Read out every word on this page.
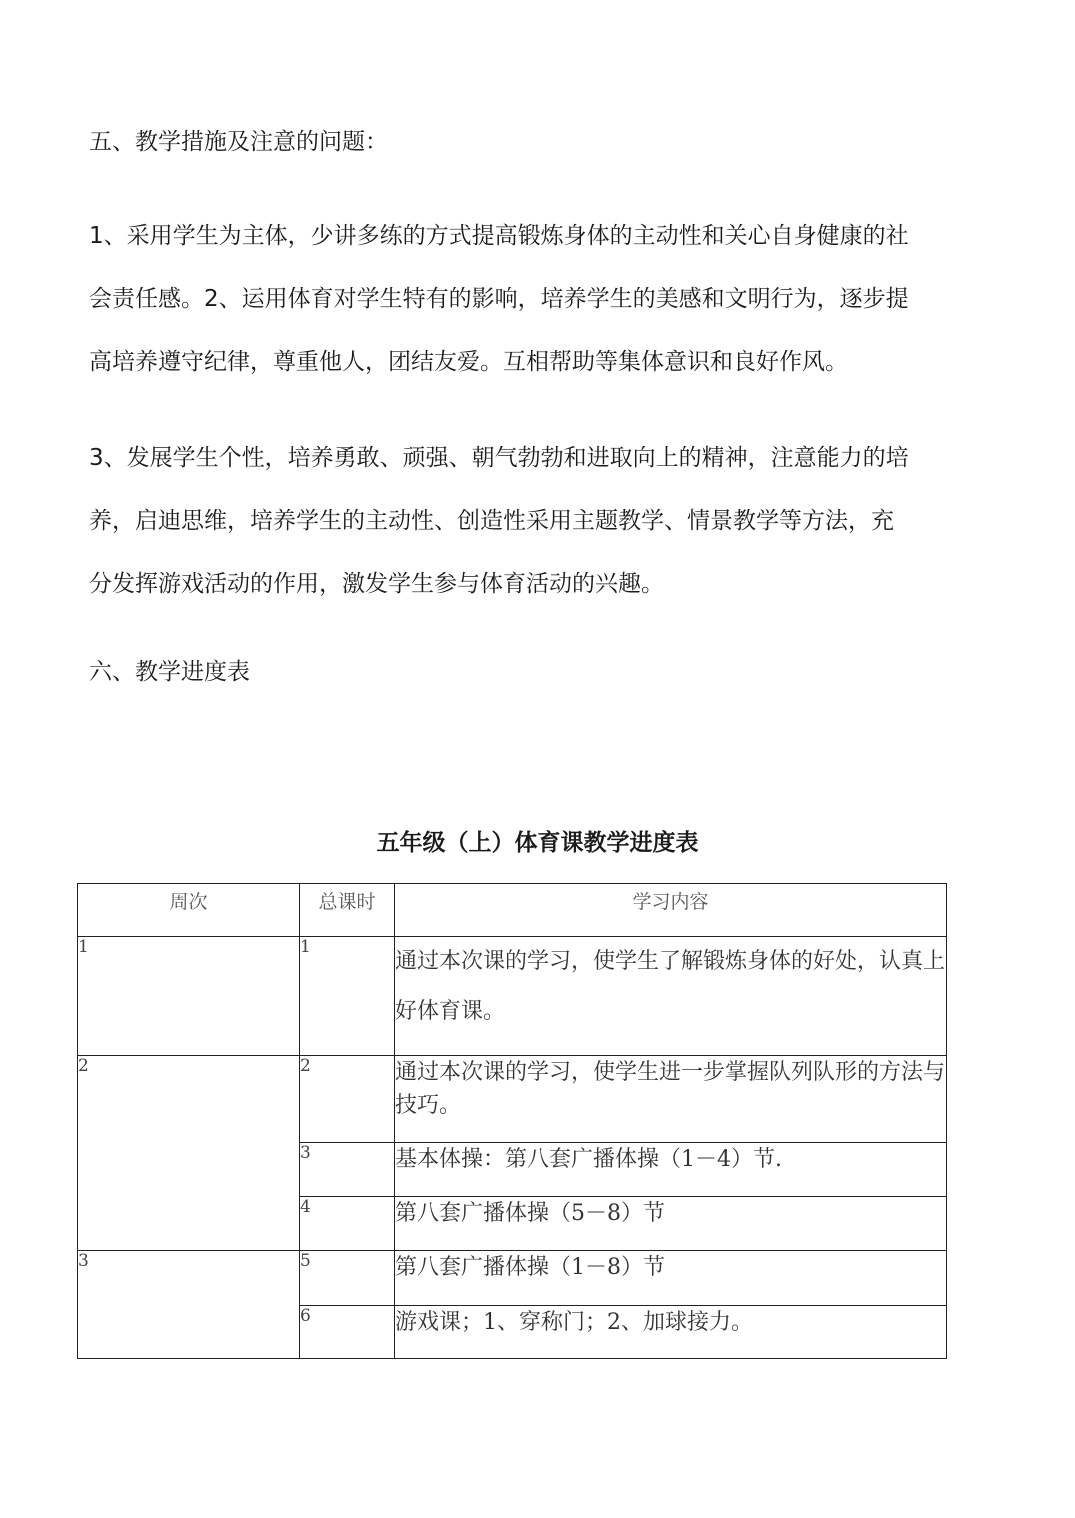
五、教学措施及注意的问题：
1、采用学生为主体，少讲多练的方式提高锻炼身体的主动性和关心自身健康的社
会责任感。2、运用体育对学生特有的影响，培养学生的美感和文明行为，逐步提
高培养遵守纪律，尊重他人，团结友爱。互相帮助等集体意识和良好作风。
3、发展学生个性，培养勇敢、顽强、朝气勃勃和进取向上的精神，注意能力的培
养，启迪思维，培养学生的主动性、创造性采用主题教学、情景教学等方法，充
分发挥游戏活动的作用，激发学生参与体育活动的兴趣。
六、教学进度表
五年级（上）体育课教学进度表
周次	总课时	学习内容
1	1	通过本次课的学习，使学生了解锻炼身体的好处，认真上好体育课。
2	2	通过本次课的学习，使学生进一步掌握队列队形的方法与技巧。
	3	基本体操：第八套广播体操（1－4）节.
	4	第八套广播体操（5－8）节
3	5	第八套广播体操（1－8）节
	6	游戏课；1、穿称门；2、加球接力。
